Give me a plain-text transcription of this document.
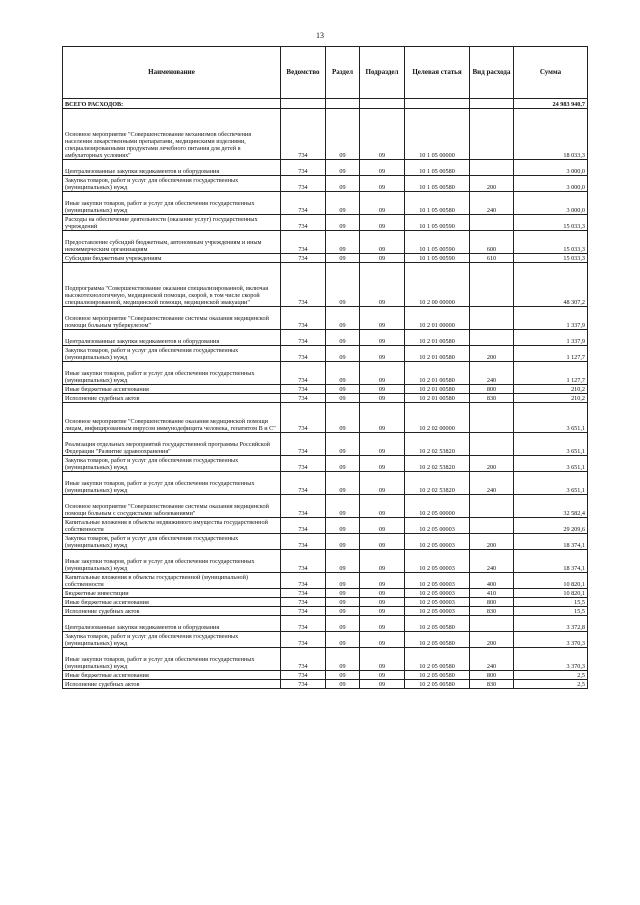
13
Наименование	Ведомство	Раздел	Подраздел	Целевая статья	Вид расхода	Сумма
ВСЕГО РАСХОДОВ:						24 983 940,7
Основное мероприятие "Совершенствование механизмов обеспечения населения лекарственными препаратами, медицинскими изделиями, специализированными продуктами лечебного питания для детей в амбулаторных условиях"	734	09	09	10 1 05 00000		18 033,3
Централизованные закупки медикаментов и оборудования	734	09	09	10 1 05 00580		3 000,0
Закупка товаров, работ и услуг для обеспечения государственных (муниципальных) нужд	734	09	09	10 1 05 00580	200	3 000,0
Иные закупки товаров, работ и услуг для обеспечения государственных (муниципальных) нужд	734	09	09	10 1 05 00580	240	3 000,0
Расходы на обеспечение деятельности (оказание услуг) государственных учреждений	734	09	09	10 1 05 00590		15 033,3
Предоставление субсидий бюджетным, автономным учреждениям и иным некоммерческим организациям	734	09	09	10 1 05 00590	600	15 033,3
Субсидии бюджетным учреждениям	734	09	09	10 1 05 00590	610	15 033,3
Подпрограмма "Совершенствование оказания специализированной, включая высокотехнологичную, медицинской помощи, скорой, в том числе скорой специализированной, медицинской помощи, медицинской эвакуации"	734	09	09	10 2 00 00000		48 307,2
Основное мероприятие "Совершенствование системы оказания медицинской помощи больным туберкулезом"	734	09	09	10 2 01 00000		1 337,9
Централизованные закупки медикаментов и оборудования	734	09	09	10 2 01 00580		1 337,9
Закупка товаров, работ и услуг для обеспечения государственных (муниципальных) нужд	734	09	09	10 2 01 00580	200	1 127,7
Иные закупки товаров, работ и услуг для обеспечения государственных (муниципальных) нужд	734	09	09	10 2 01 00580	240	1 127,7
Иные бюджетные ассигнования	734	09	09	10 2 01 00580	800	210,2
Исполнение судебных актов	734	09	09	10 2 01 00580	830	210,2
Основное мероприятие "Совершенствование оказания медицинской помощи лицам, инфицированным вирусом иммунодефицита человека, гепатитом В и С"	734	09	09	10 2 02 00000		3 651,1
Реализация отдельных мероприятий государственной программы Российской Федерации "Развитие здравоохранения"	734	09	09	10 2 02 53820		3 651,1
Закупка товаров, работ и услуг для обеспечения государственных (муниципальных) нужд	734	09	09	10 2 02 53820	200	3 651,1
Иные закупки товаров, работ и услуг для обеспечения государственных (муниципальных) нужд	734	09	09	10 2 02 53820	240	3 651,1
Основное мероприятие "Совершенствование системы оказания медицинской помощи больным с сосудистыми заболеваниями"	734	09	09	10 2 05 00000		32 582,4
Капитальные вложения в объекты недвижимого имущества государственной собственности	734	09	09	10 2 05 00003		29 209,6
Закупка товаров, работ и услуг для обеспечения государственных (муниципальных) нужд	734	09	09	10 2 05 00003	200	18 374,1
Иные закупки товаров, работ и услуг для обеспечения государственных (муниципальных) нужд	734	09	09	10 2 05 00003	240	18 374,1
Капитальные вложения в объекты государственной (муниципальной) собственности	734	09	09	10 2 05 00003	400	10 820,1
Бюджетные инвестиции	734	09	09	10 2 05 00003	410	10 820,1
Иные бюджетные ассигнования	734	09	09	10 2 05 00003	800	15,5
Исполнение судебных актов	734	09	09	10 2 05 00003	830	15,5
Централизованные закупки медикаментов и оборудования	734	09	09	10 2 05 00580		3 372,8
Закупка товаров, работ и услуг для обеспечения государственных (муниципальных) нужд	734	09	09	10 2 05 00580	200	3 370,3
Иные закупки товаров, работ и услуг для обеспечения государственных (муниципальных) нужд	734	09	09	10 2 05 00580	240	3 370,3
Иные бюджетные ассигнования	734	09	09	10 2 05 00580	800	2,5
Исполнение судебных актов	734	09	09	10 2 05 00580	830	2,5
